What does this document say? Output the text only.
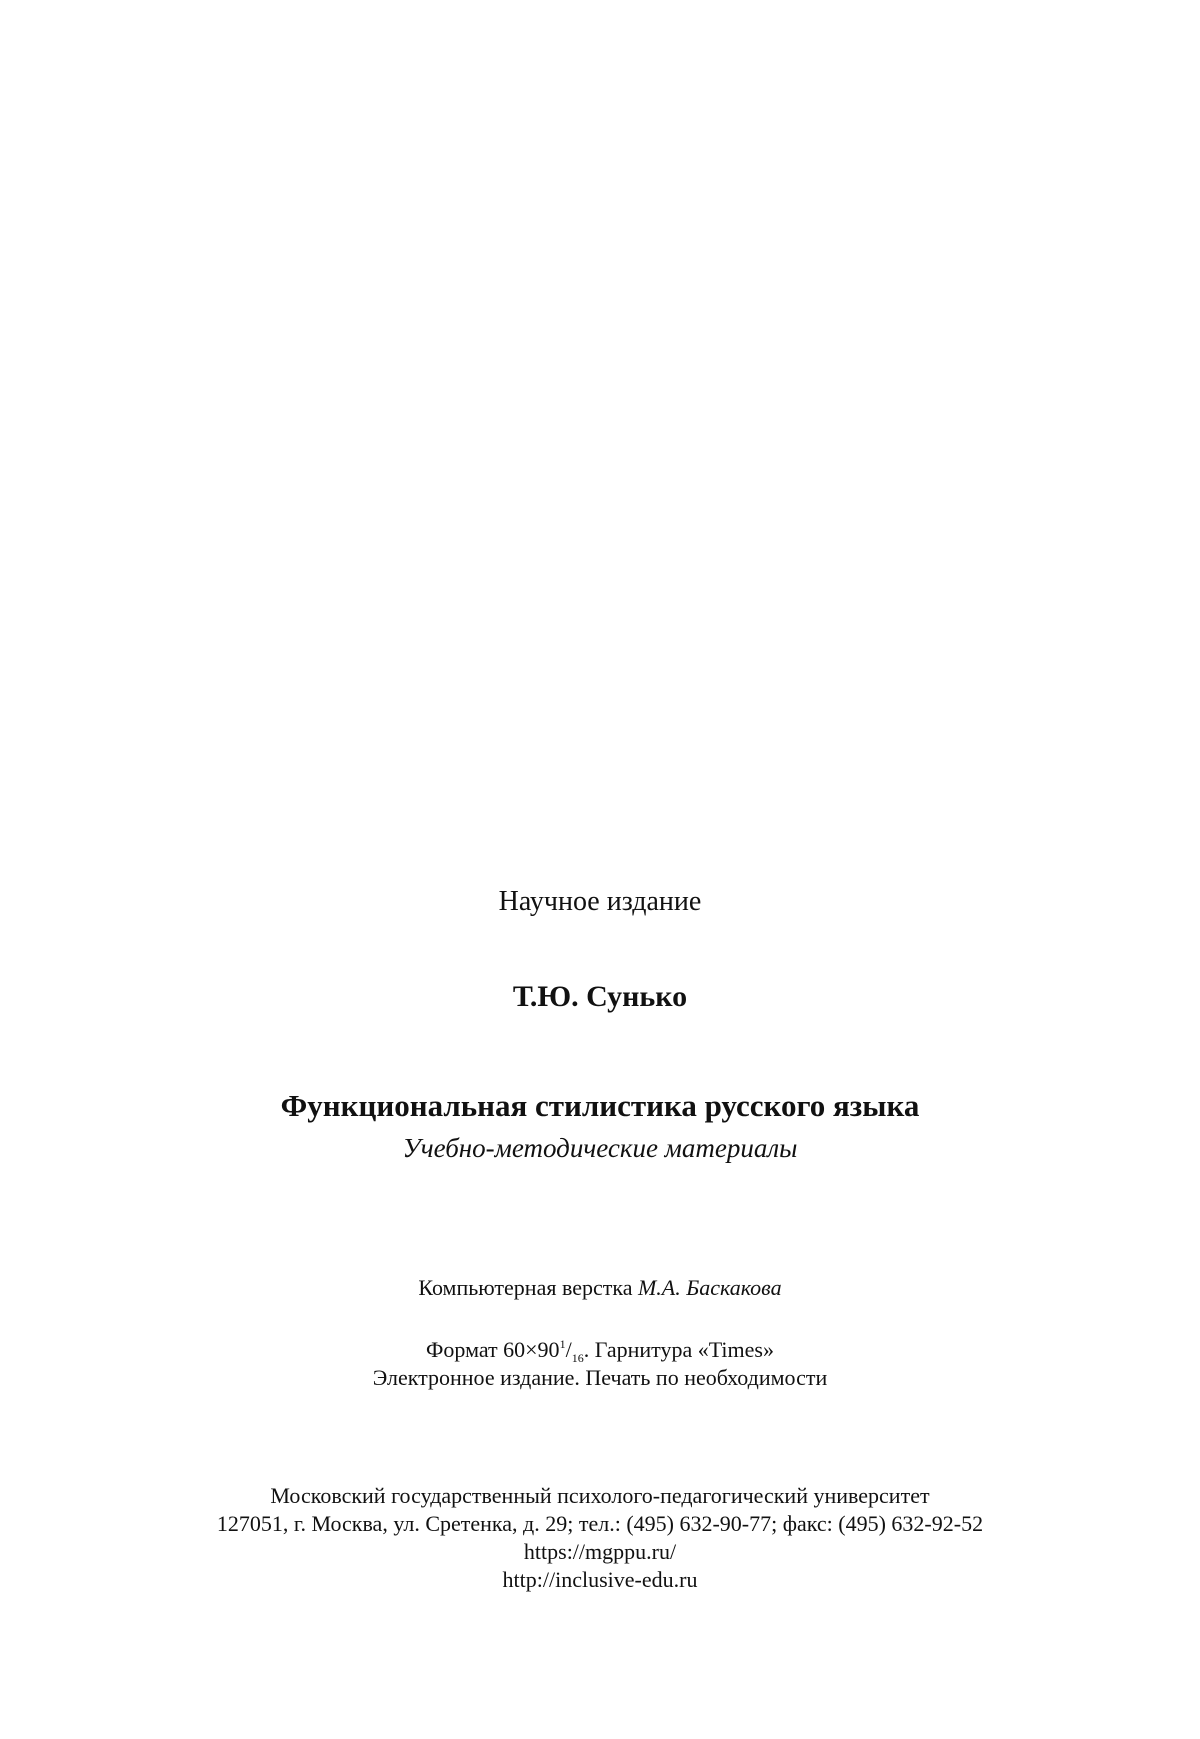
Научное издание
Т.Ю. Сунько
Функциональная стилистика русского языка
Учебно-методические материалы
Компьютерная верстка М.А. Баскакова
Формат $60\times 90^1/_{16}$. Гарнитура «Times»
Электронное издание. Печать по необходимости
Московский государственный психолого-педагогический университет
127051, г. Москва, ул. Сретенка, д. 29; тел.: (495) 632-90-77; факс: (495) 632-92-52
https://mgppu.ru/
http://inclusive-edu.ru
